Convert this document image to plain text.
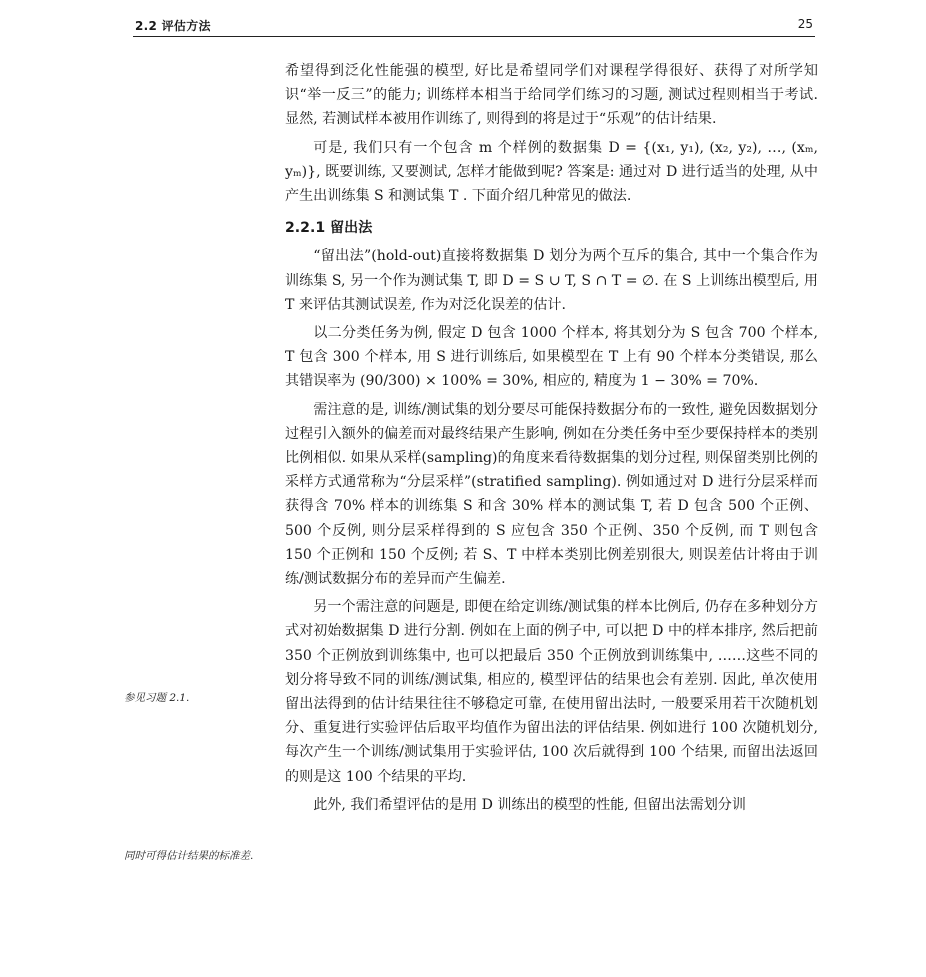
2.2 评估方法	25

希望得到泛化性能强的模型, 好比是希望同学们对课程学得很好、获得了对所学知识“举一反三”的能力; 训练样本相当于给同学们练习的习题, 测试过程则相当于考试. 显然, 若测试样本被用作训练了, 则得到的将是过于“乐观”的估计结果.

可是, 我们只有一个包含 m 个样例的数据集 D = {(x₁, y₁), (x₂, y₂), …, (xₘ, yₘ)}, 既要训练, 又要测试, 怎样才能做到呢? 答案是: 通过对 D 进行适当的处理, 从中产生出训练集 S 和测试集 T . 下面介绍几种常见的做法.

2.2.1 留出法

“留出法”(hold-out)直接将数据集 D 划分为两个互斥的集合, 其中一个集合作为训练集 S, 另一个作为测试集 T, 即 D = S ∪ T, S ∩ T = ∅. 在 S 上训练出模型后, 用 T 来评估其测试误差, 作为对泛化误差的估计.

以二分类任务为例, 假定 D 包含 1000 个样本, 将其划分为 S 包含 700 个样本, T 包含 300 个样本, 用 S 进行训练后, 如果模型在 T 上有 90 个样本分类错误, 那么其错误率为 (90/300) × 100% = 30%, 相应的, 精度为 1 − 30% = 70%.

需注意的是, 训练/测试集的划分要尽可能保持数据分布的一致性, 避免因数据划分过程引入额外的偏差而对最终结果产生影响, 例如在分类任务中至少要保持样本的类别比例相似. 如果从采样(sampling)的角度来看待数据集的划分过程, 则保留类别比例的采样方式通常称为“分层采样”(stratified sampling). 例如通过对 D 进行分层采样而获得含 70% 样本的训练集 S 和含 30% 样本的测试集 T, 若 D 包含 500 个正例、500 个反例, 则分层采样得到的 S 应包含 350 个正例、350 个反例, 而 T 则包含 150 个正例和 150 个反例; 若 S、T 中样本类别比例差别很大, 则误差估计将由于训练/测试数据分布的差异而产生偏差.

另一个需注意的问题是, 即便在给定训练/测试集的样本比例后, 仍存在多种划分方式对初始数据集 D 进行分割. 例如在上面的例子中, 可以把 D 中的样本排序, 然后把前 350 个正例放到训练集中, 也可以把最后 350 个正例放到训练集中, ……这些不同的划分将导致不同的训练/测试集, 相应的, 模型评估的结果也会有差别. 因此, 单次使用留出法得到的估计结果往往不够稳定可靠, 在使用留出法时, 一般要采用若干次随机划分、重复进行实验评估后取平均值作为留出法的评估结果. 例如进行 100 次随机划分, 每次产生一个训练/测试集用于实验评估, 100 次后就得到 100 个结果, 而留出法返回的则是这 100 个结果的平均.

此外, 我们希望评估的是用 D 训练出的模型的性能, 但留出法需划分训

参见习题 2.1.
同时可得估计结果的标准差.
